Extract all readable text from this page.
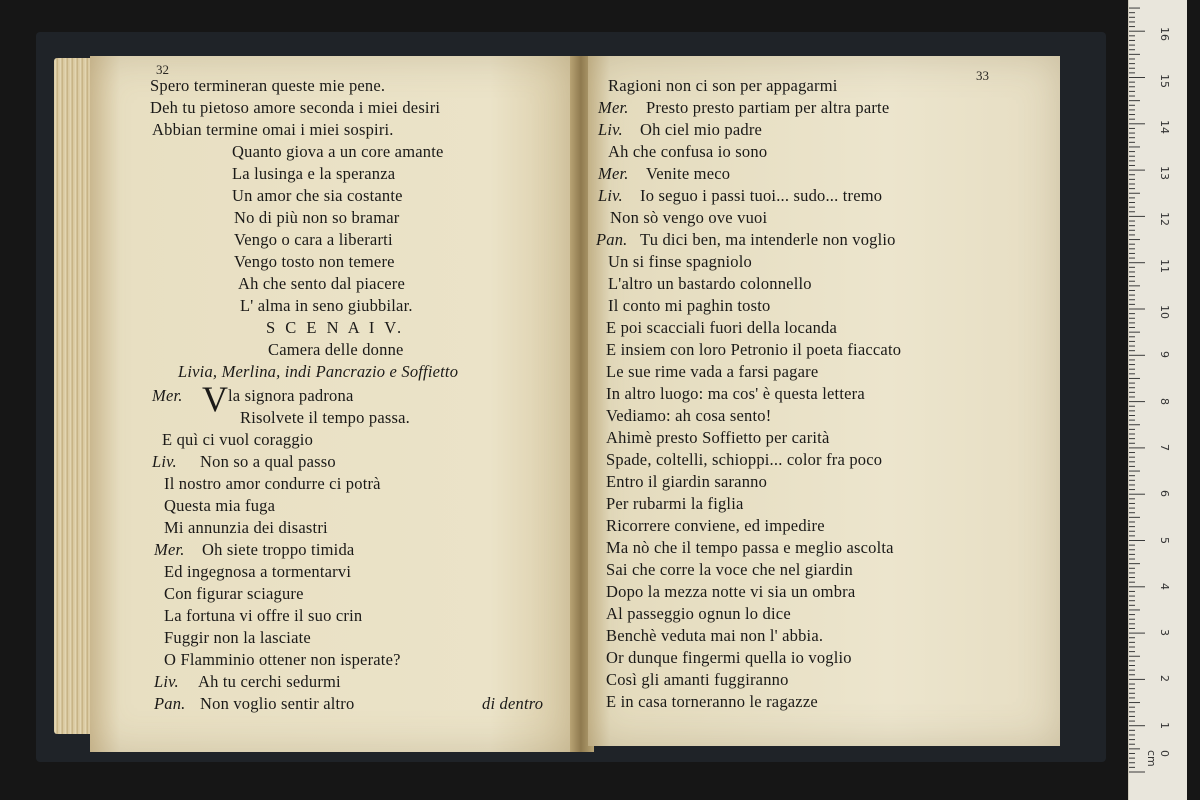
32
Spero termineran queste mie pene.
Deh tu pietoso amore seconda i miei desiri
Abbian termine omai i miei sospiri.
Quanto giova a un core amante
La lusinga e la speranza
Un amor che sia costante
No di più non so bramar
Vengo o cara a liberarti
Vengo tosto non temere
Ah che sento dal piacere
L' alma in seno giubbilar.
S C E N A I V.
Camera delle donne
Livia, Merlina, indi Pancrazio e Soffietto
Mer. V la signora padrona
Risolvete il tempo passa.
E quì ci vuol coraggio
Liv. Non so a qual passo
Il nostro amor condurre ci potrà
Questa mia fuga
Mi annunzia dei disastri
Mer. Oh siete troppo timida
Ed ingegnosa a tormentarvi
Con figurar sciagure
La fortuna vi offre il suo crin
Fuggir non la lasciate
O Flamminio ottener non isperate?
Liv. Ah tu cerchi sedurmi
Pan. Non voglio sentir altro	di dentro
33
Ragioni non ci son per appagarmi
Mer. Presto presto partiam per altra parte
Liv. Oh ciel mio padre
Ah che confusa io sono
Mer. Venite meco
Liv. Io seguo i passi tuoi... sudo... tremo
Non sò vengo ove vuoi
Pan. Tu dici ben, ma intenderle non voglio
Un si finse spagniolo
L'altro un bastardo colonnello
Il conto mi paghin tosto
E poi scacciali fuori della locanda
E insiem con loro Petronio il poeta fiaccato
Le sue rime vada a farsi pagare
In altro luogo: ma cos' è questa lettera
Vediamo: ah cosa sento!
Ahimè presto Soffietto per carità
Spade, coltelli, schioppi... color fra poco
Entro il giardin saranno
Per rubarmi la figlia
Ricorrere conviene, ed impedire
Ma nò che il tempo passa e meglio ascolta
Sai che corre la voce che nel giardin
Dopo la mezza notte vi sia un ombra
Al passeggio ognun lo dice
Benchè veduta mai non l' abbia.
Or dunque fingermi quella io voglio
Così gli amanti fuggiranno
E in casa torneranno le ragazze
0 cm
1
2
3
4
5
6
7
8
9
10
11
12
13
14
15
16
